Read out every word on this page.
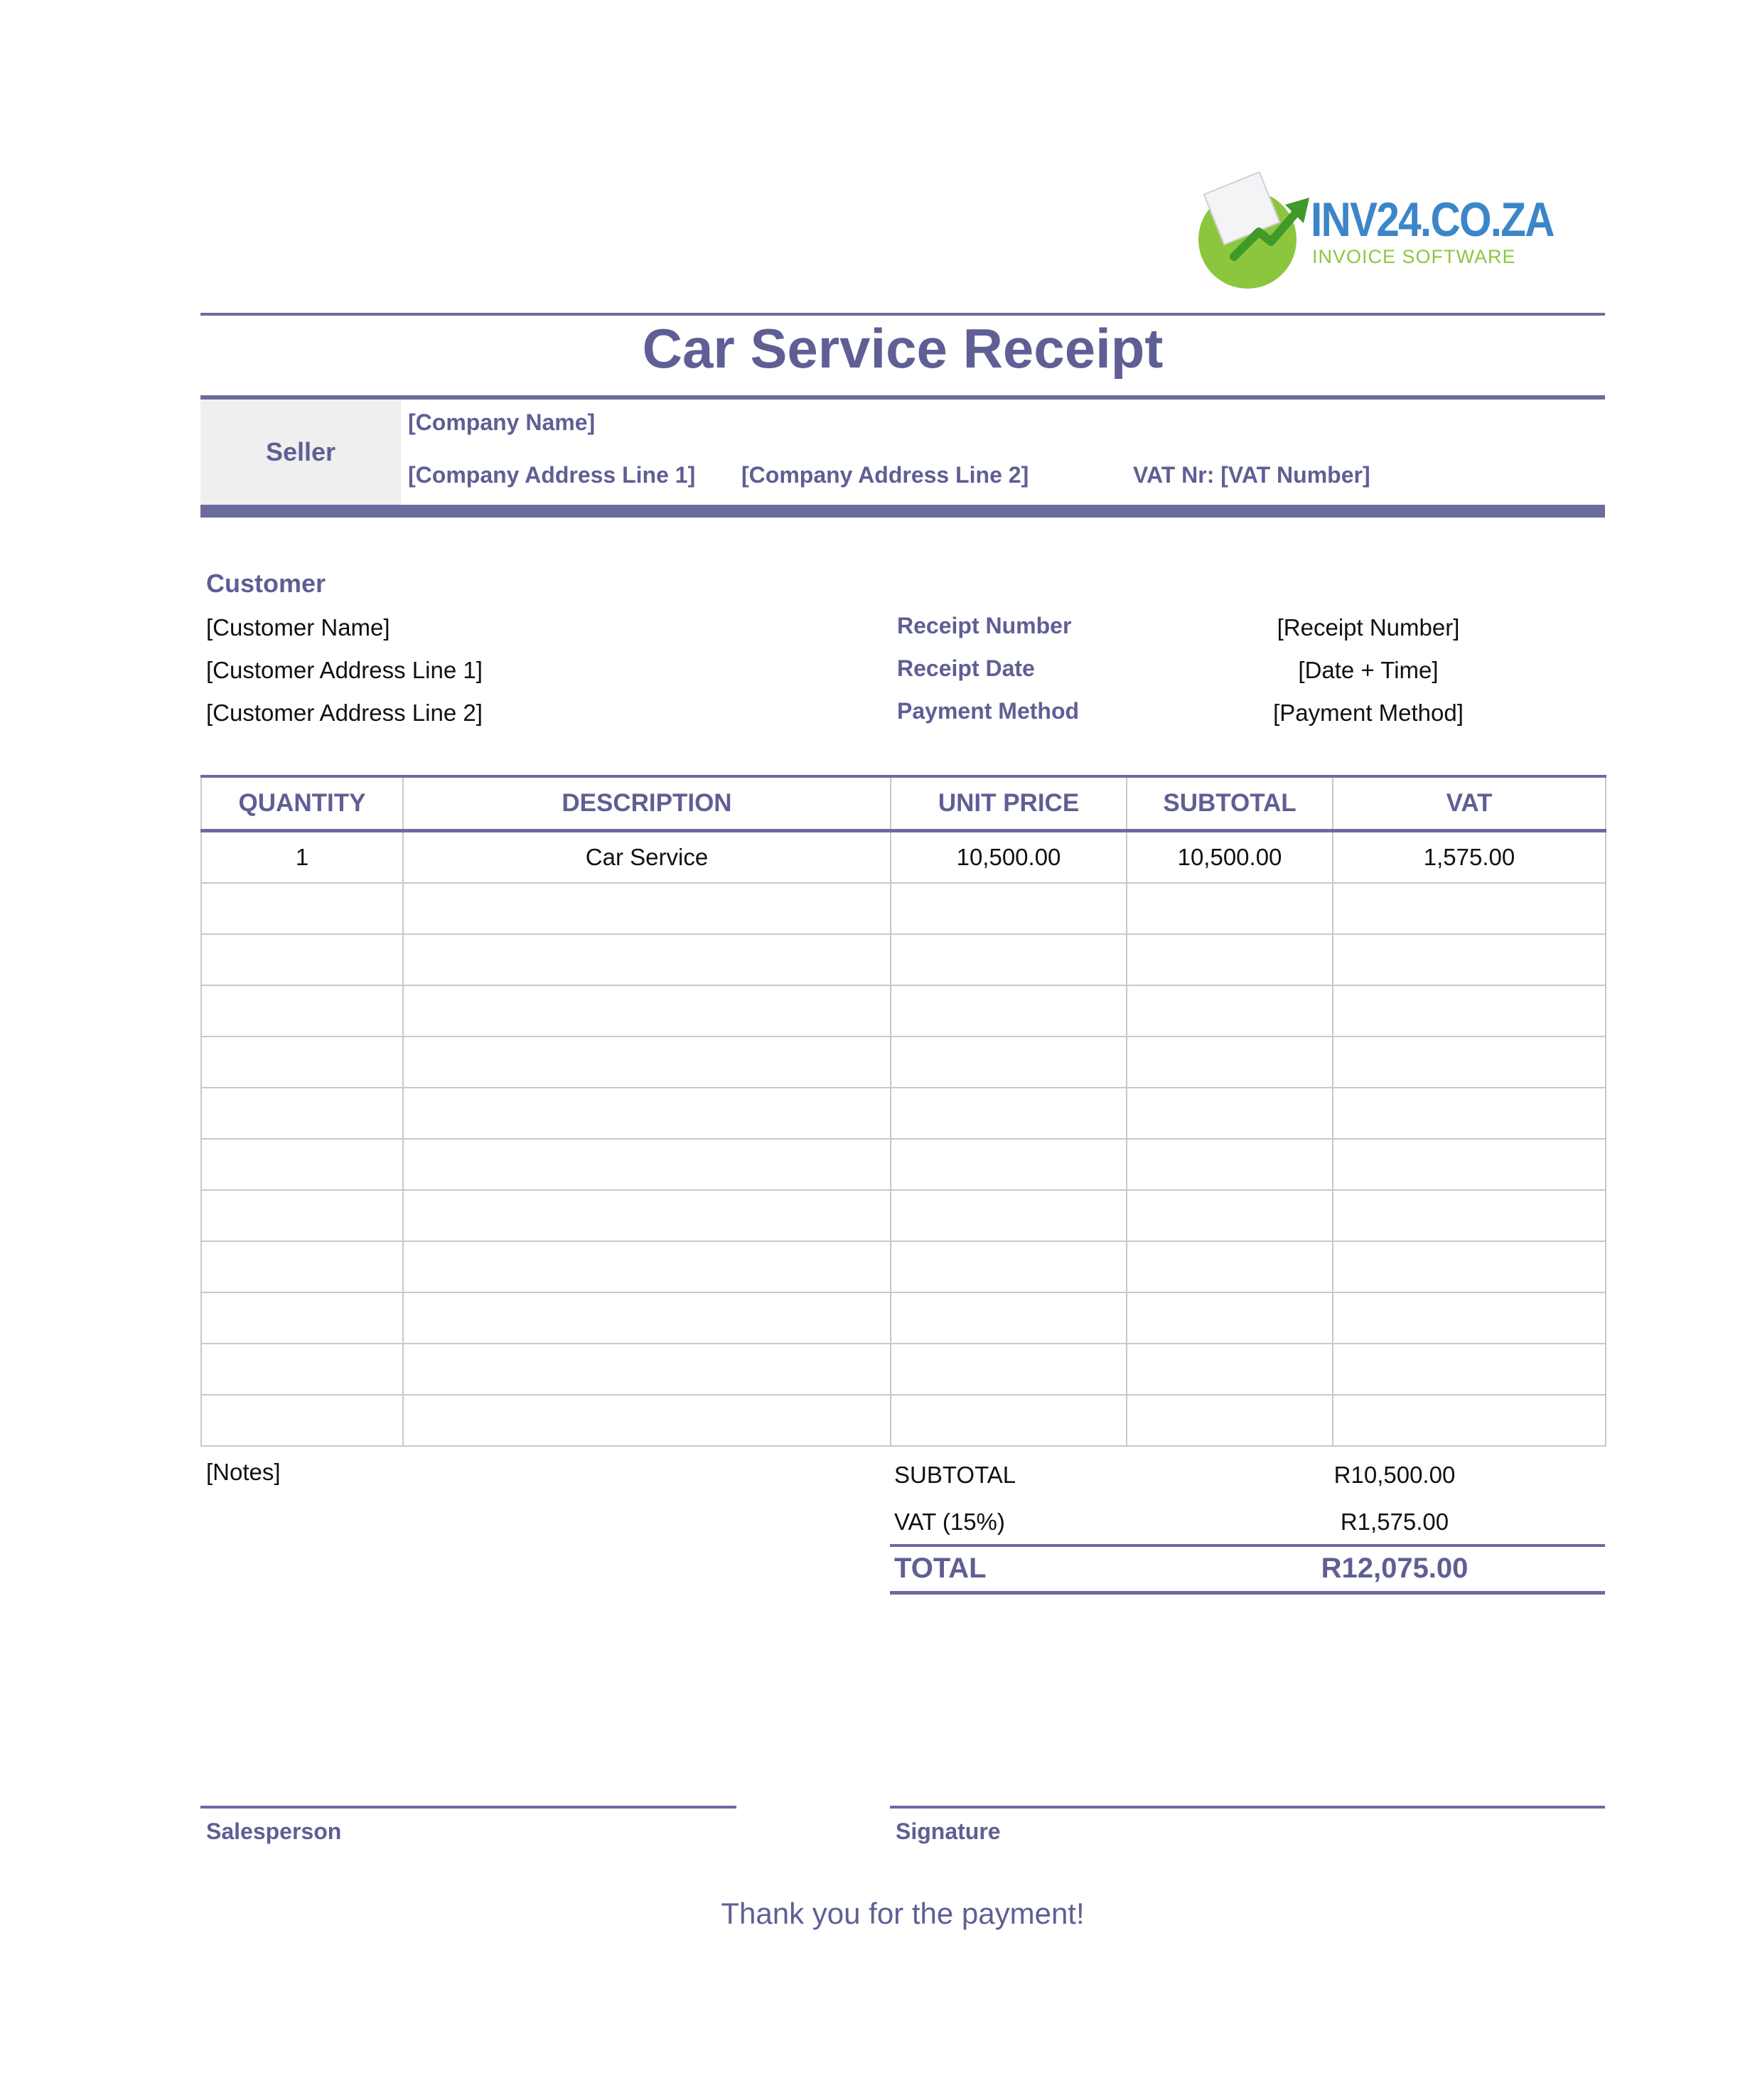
INV24.CO.ZA
INVOICE SOFTWARE
Car Service Receipt
Seller
[Company Name]
[Company Address Line 1] [Company Address Line 2]	VAT Nr: [VAT Number]
Customer
[Customer Name]
[Customer Address Line 1]
[Customer Address Line 2]
Receipt Number	[Receipt Number]
Receipt Date	[Date + Time]
Payment Method	[Payment Method]
QUANTITY	DESCRIPTION	UNIT PRICE	SUBTOTAL	VAT
1	Car Service	10,500.00	10,500.00	1,575.00

[Notes]	SUBTOTAL	R10,500.00
VAT (15%)	R1,575.00
TOTAL	R12,075.00
Salesperson	Signature
Thank you for the payment!
